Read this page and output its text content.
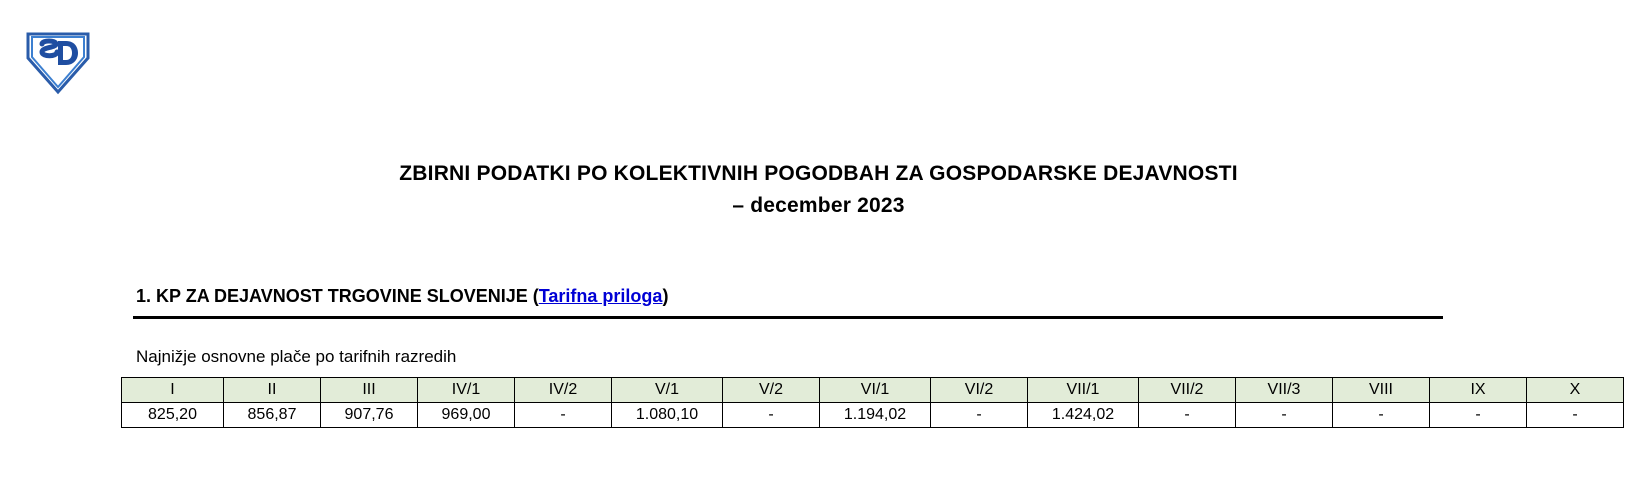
ZBIRNI PODATKI PO KOLEKTIVNIH POGODBAH ZA GOSPODARSKE DEJAVNOSTI
– december 2023
1. KP ZA DEJAVNOST TRGOVINE SLOVENIJE (Tarifna priloga)
Najnižje osnovne plače po tarifnih razredih
I	II	III	IV/1	IV/2	V/1	V/2	VI/1	VI/2	VII/1	VII/2	VII/3	VIII	IX	X
825,20	856,87	907,76	969,00	-	1.080,10	-	1.194,02	-	1.424,02	-	-	-	-	-
